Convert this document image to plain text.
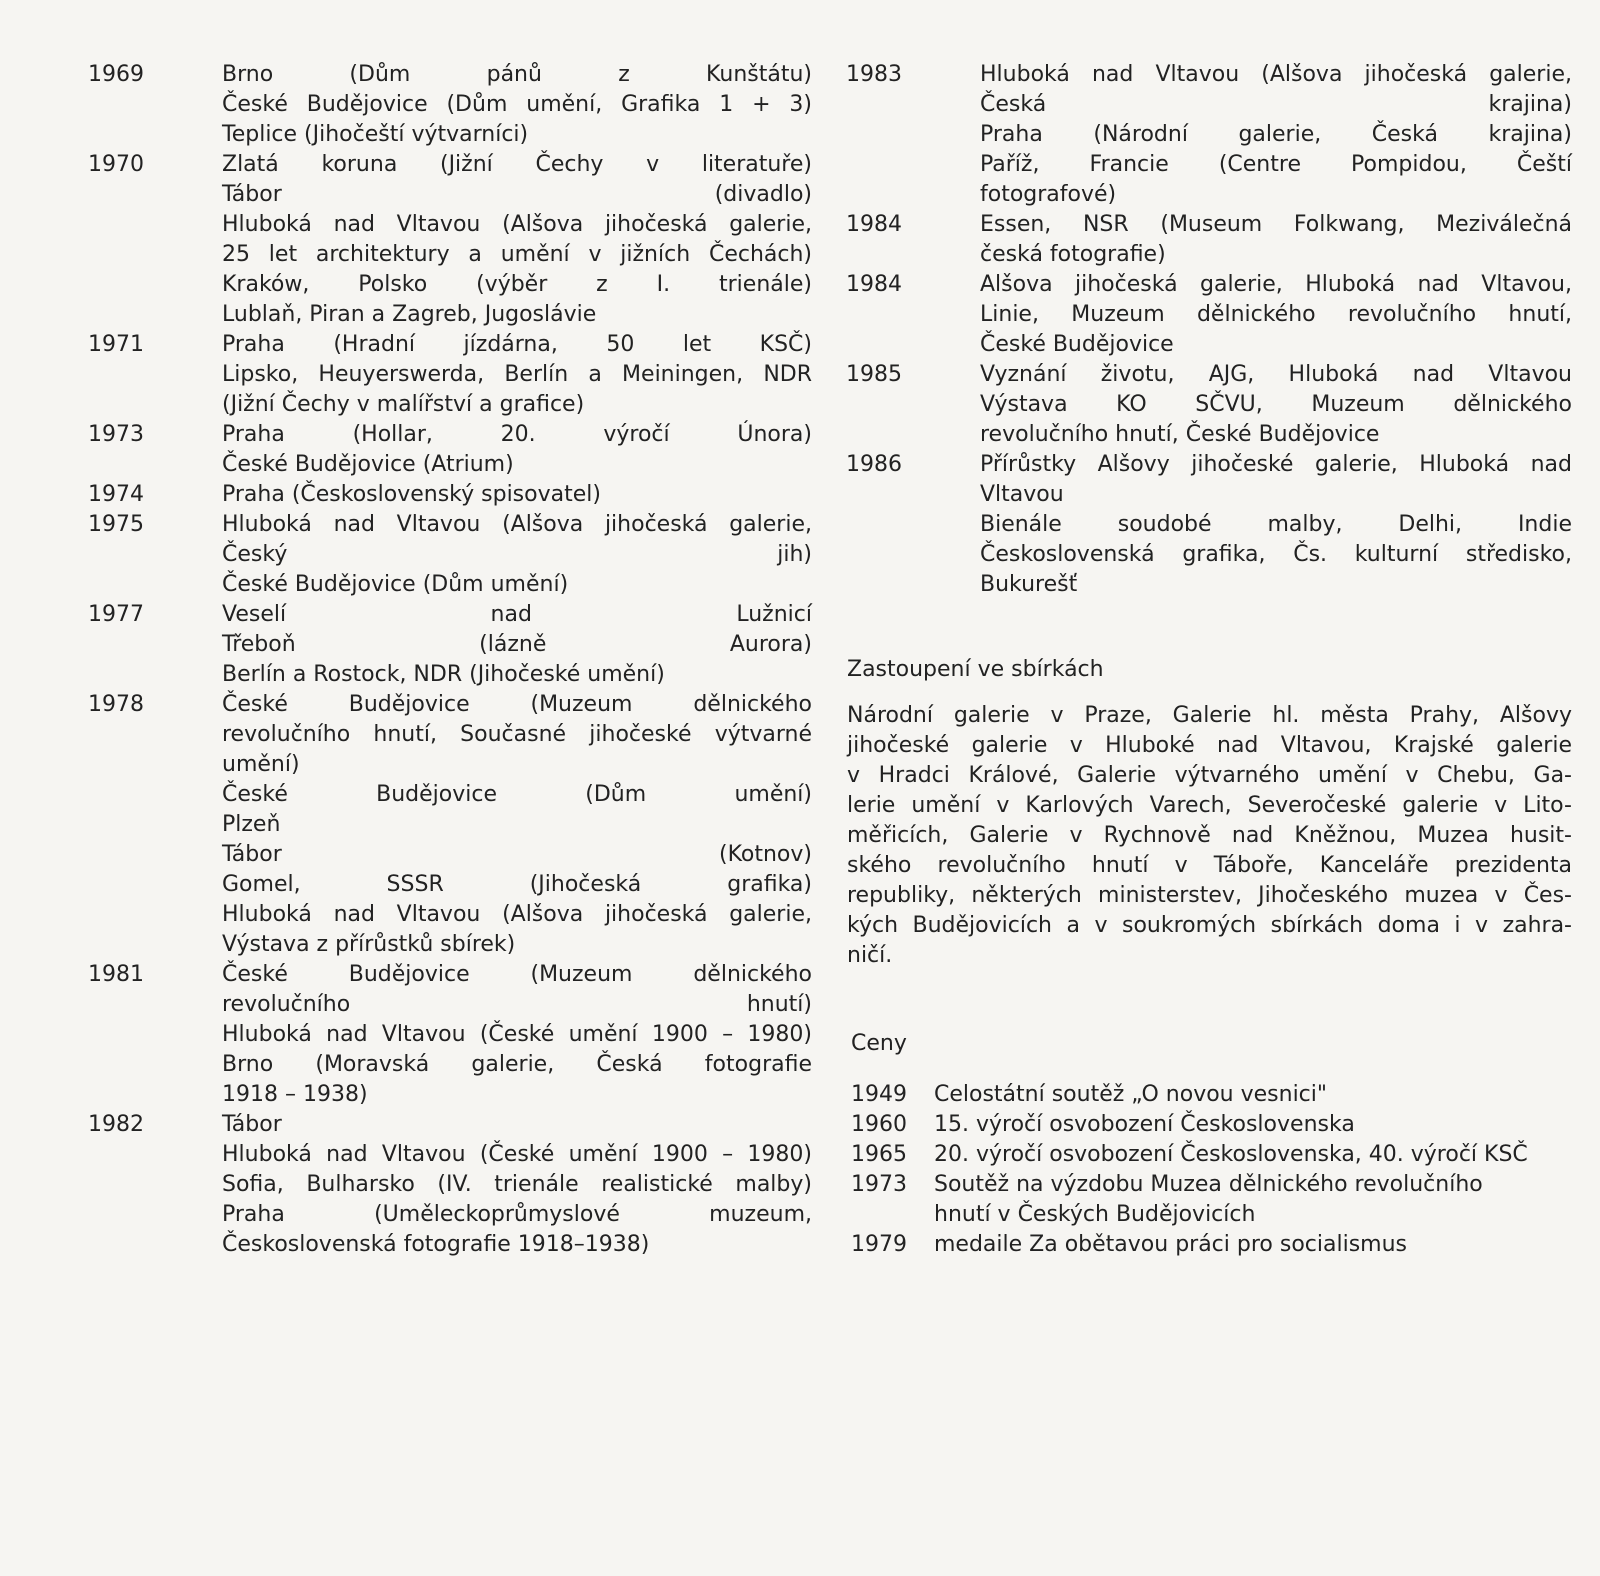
1969	Brno (Dům pánů z Kunštátu)
České Budějovice (Dům umění, Grafika 1 + 3)
Teplice (Jihočeští výtvarníci)
1970	Zlatá koruna (Jižní Čechy v literatuře)
Tábor (divadlo)
Hluboká nad Vltavou (Alšova jihočeská galerie,
25 let architektury a umění v jižních Čechách)
Kraków, Polsko (výběr z I. trienále)
Lublaň, Piran a Zagreb, Jugoslávie
1971	Praha (Hradní jízdárna, 50 let KSČ)
Lipsko, Heuyerswerda, Berlín a Meiningen, NDR
(Jižní Čechy v malířství a grafice)
1973	Praha (Hollar, 20. výročí Února)
České Budějovice (Atrium)
1974	Praha (Československý spisovatel)
1975	Hluboká nad Vltavou (Alšova jihočeská galerie,
Český jih)
České Budějovice (Dům umění)
1977	Veselí nad Lužnicí
Třeboň (lázně Aurora)
Berlín a Rostock, NDR (Jihočeské umění)
1978	České Budějovice (Muzeum dělnického
revolučního hnutí, Současné jihočeské výtvarné
umění)
České Budějovice (Dům umění)
Plzeň
Tábor (Kotnov)
Gomel, SSSR (Jihočeská grafika)
Hluboká nad Vltavou (Alšova jihočeská galerie,
Výstava z přírůstků sbírek)
1981	České Budějovice (Muzeum dělnického
revolučního hnutí)
Hluboká nad Vltavou (České umění 1900 – 1980)
Brno (Moravská galerie, Česká fotografie
1918 – 1938)
1982	Tábor
Hluboká nad Vltavou (České umění 1900 – 1980)
Sofia, Bulharsko (IV. trienále realistické malby)
Praha (Uměleckoprůmyslové muzeum,
Československá fotografie 1918–1938)
1983	Hluboká nad Vltavou (Alšova jihočeská galerie,
Česká krajina)
Praha (Národní galerie, Česká krajina)
Paříž, Francie (Centre Pompidou, Čeští
fotografové)
1984	Essen, NSR (Museum Folkwang, Meziválečná
česká fotografie)
1984	Alšova jihočeská galerie, Hluboká nad Vltavou,
Linie, Muzeum dělnického revolučního hnutí,
České Budějovice
1985	Vyznání životu, AJG, Hluboká nad Vltavou
Výstava KO SČVU, Muzeum dělnického
revolučního hnutí, České Budějovice
1986	Přírůstky Alšovy jihočeské galerie, Hluboká nad
Vltavou
Bienále soudobé malby, Delhi, Indie
Československá grafika, Čs. kulturní středisko,
Bukurešť
Zastoupení ve sbírkách
Národní galerie v Praze, Galerie hl. města Prahy, Alšovy
jihočeské galerie v Hluboké nad Vltavou, Krajské galerie
v Hradci Králové, Galerie výtvarného umění v Chebu, Ga-
lerie umění v Karlových Varech, Severočeské galerie v Lito-
měřicích, Galerie v Rychnově nad Kněžnou, Muzea husit-
ského revolučního hnutí v Táboře, Kanceláře prezidenta
republiky, některých ministerstev, Jihočeského muzea v Čes-
kých Budějovicích a v soukromých sbírkách doma i v zahra-
ničí.
Ceny
1949 Celostátní soutěž „O novou vesnici"
1960 15. výročí osvobození Československa
1965 20. výročí osvobození Československa, 40. výročí KSČ
1973 Soutěž na výzdobu Muzea dělnického revolučního
hnutí v Českých Budějovicích
1979 medaile Za obětavou práci pro socialismus
